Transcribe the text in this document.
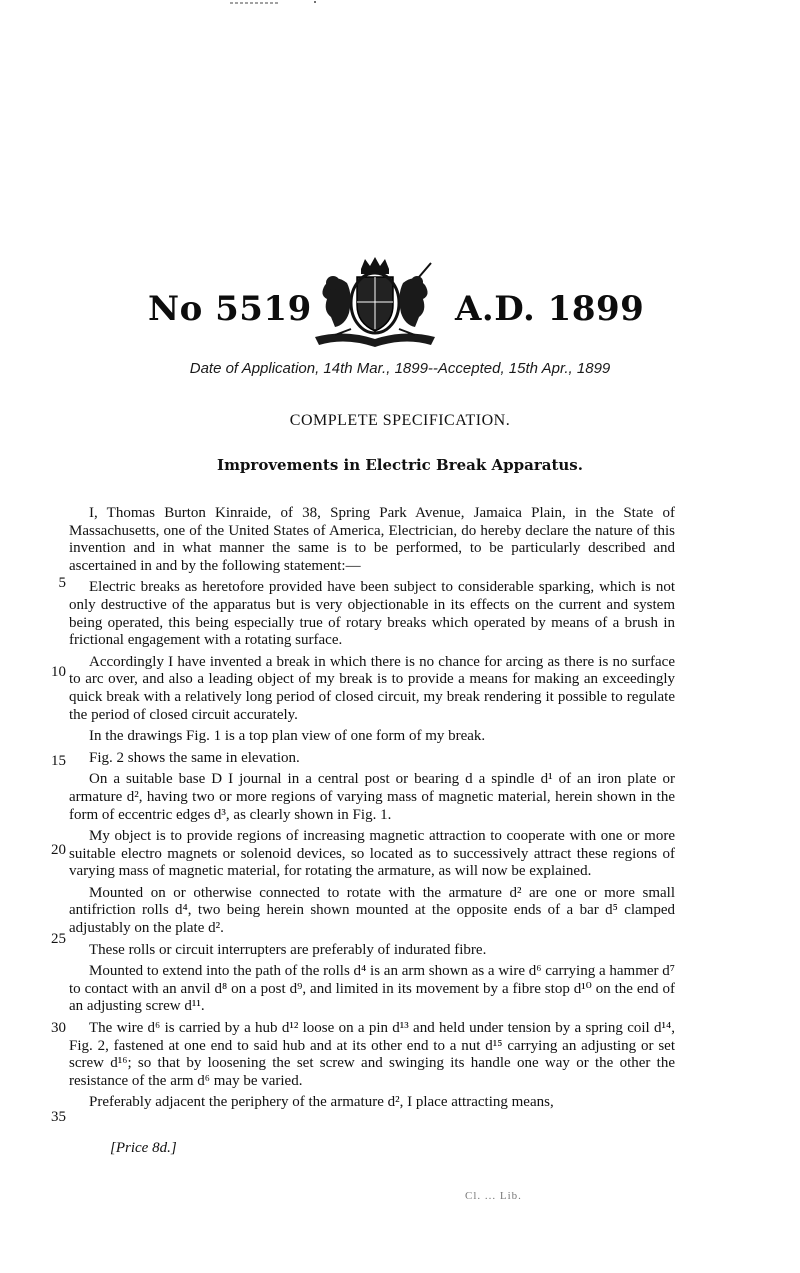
No 5519	A.D. 1899
Date of Application, 14th Mar., 1899--Accepted, 15th Apr., 1899
COMPLETE SPECIFICATION.
Improvements in Electric Break Apparatus.
5
10
15
20
25
30
35

I, Thomas Burton Kinraide, of 38, Spring Park Avenue, Jamaica Plain, in the State of Massachusetts, one of the United States of America, Electrician, do hereby declare the nature of this invention and in what manner the same is to be performed, to be particularly described and ascertained in and by the following statement:—

Electric breaks as heretofore provided have been subject to considerable sparking, which is not only destructive of the apparatus but is very objectionable in its effects on the current and system being operated, this being especially true of rotary breaks which operated by means of a brush in frictional engagement with a rotating surface.

Accordingly I have invented a break in which there is no chance for arcing as there is no surface to arc over, and also a leading object of my break is to provide a means for making an exceedingly quick break with a relatively long period of closed circuit, my break rendering it possible to regulate the period of closed circuit accurately.

In the drawings Fig. 1 is a top plan view of one form of my break.

Fig. 2 shows the same in elevation.

On a suitable base D I journal in a central post or bearing d a spindle d¹ of an iron plate or armature d², having two or more regions of varying mass of magnetic material, herein shown in the form of eccentric edges d³, as clearly shown in Fig. 1.

My object is to provide regions of increasing magnetic attraction to cooperate with one or more suitable electro magnets or solenoid devices, so located as to successively attract these regions of varying mass of magnetic material, for rotating the armature, as will now be explained.

Mounted on or otherwise connected to rotate with the armature d² are one or more small antifriction rolls d⁴, two being herein shown mounted at the opposite ends of a bar d⁵ clamped adjustably on the plate d².

These rolls or circuit interrupters are preferably of indurated fibre.

Mounted to extend into the path of the rolls d⁴ is an arm shown as a wire d⁶ carrying a hammer d⁷ to contact with an anvil d⁸ on a post d⁹, and limited in its movement by a fibre stop d¹⁰ on the end of an adjusting screw d¹¹.

The wire d⁶ is carried by a hub d¹² loose on a pin d¹³ and held under tension by a spring coil d¹⁴, Fig. 2, fastened at one end to said hub and at its other end to a nut d¹⁵ carrying an adjusting or set screw d¹⁶; so that by loosening the set screw and swinging its handle one way or the other the resistance of the arm d⁶ may be varied.

Preferably adjacent the periphery of the armature d², I place attracting means,

[Price 8d.]
Cl. ... Lib.
